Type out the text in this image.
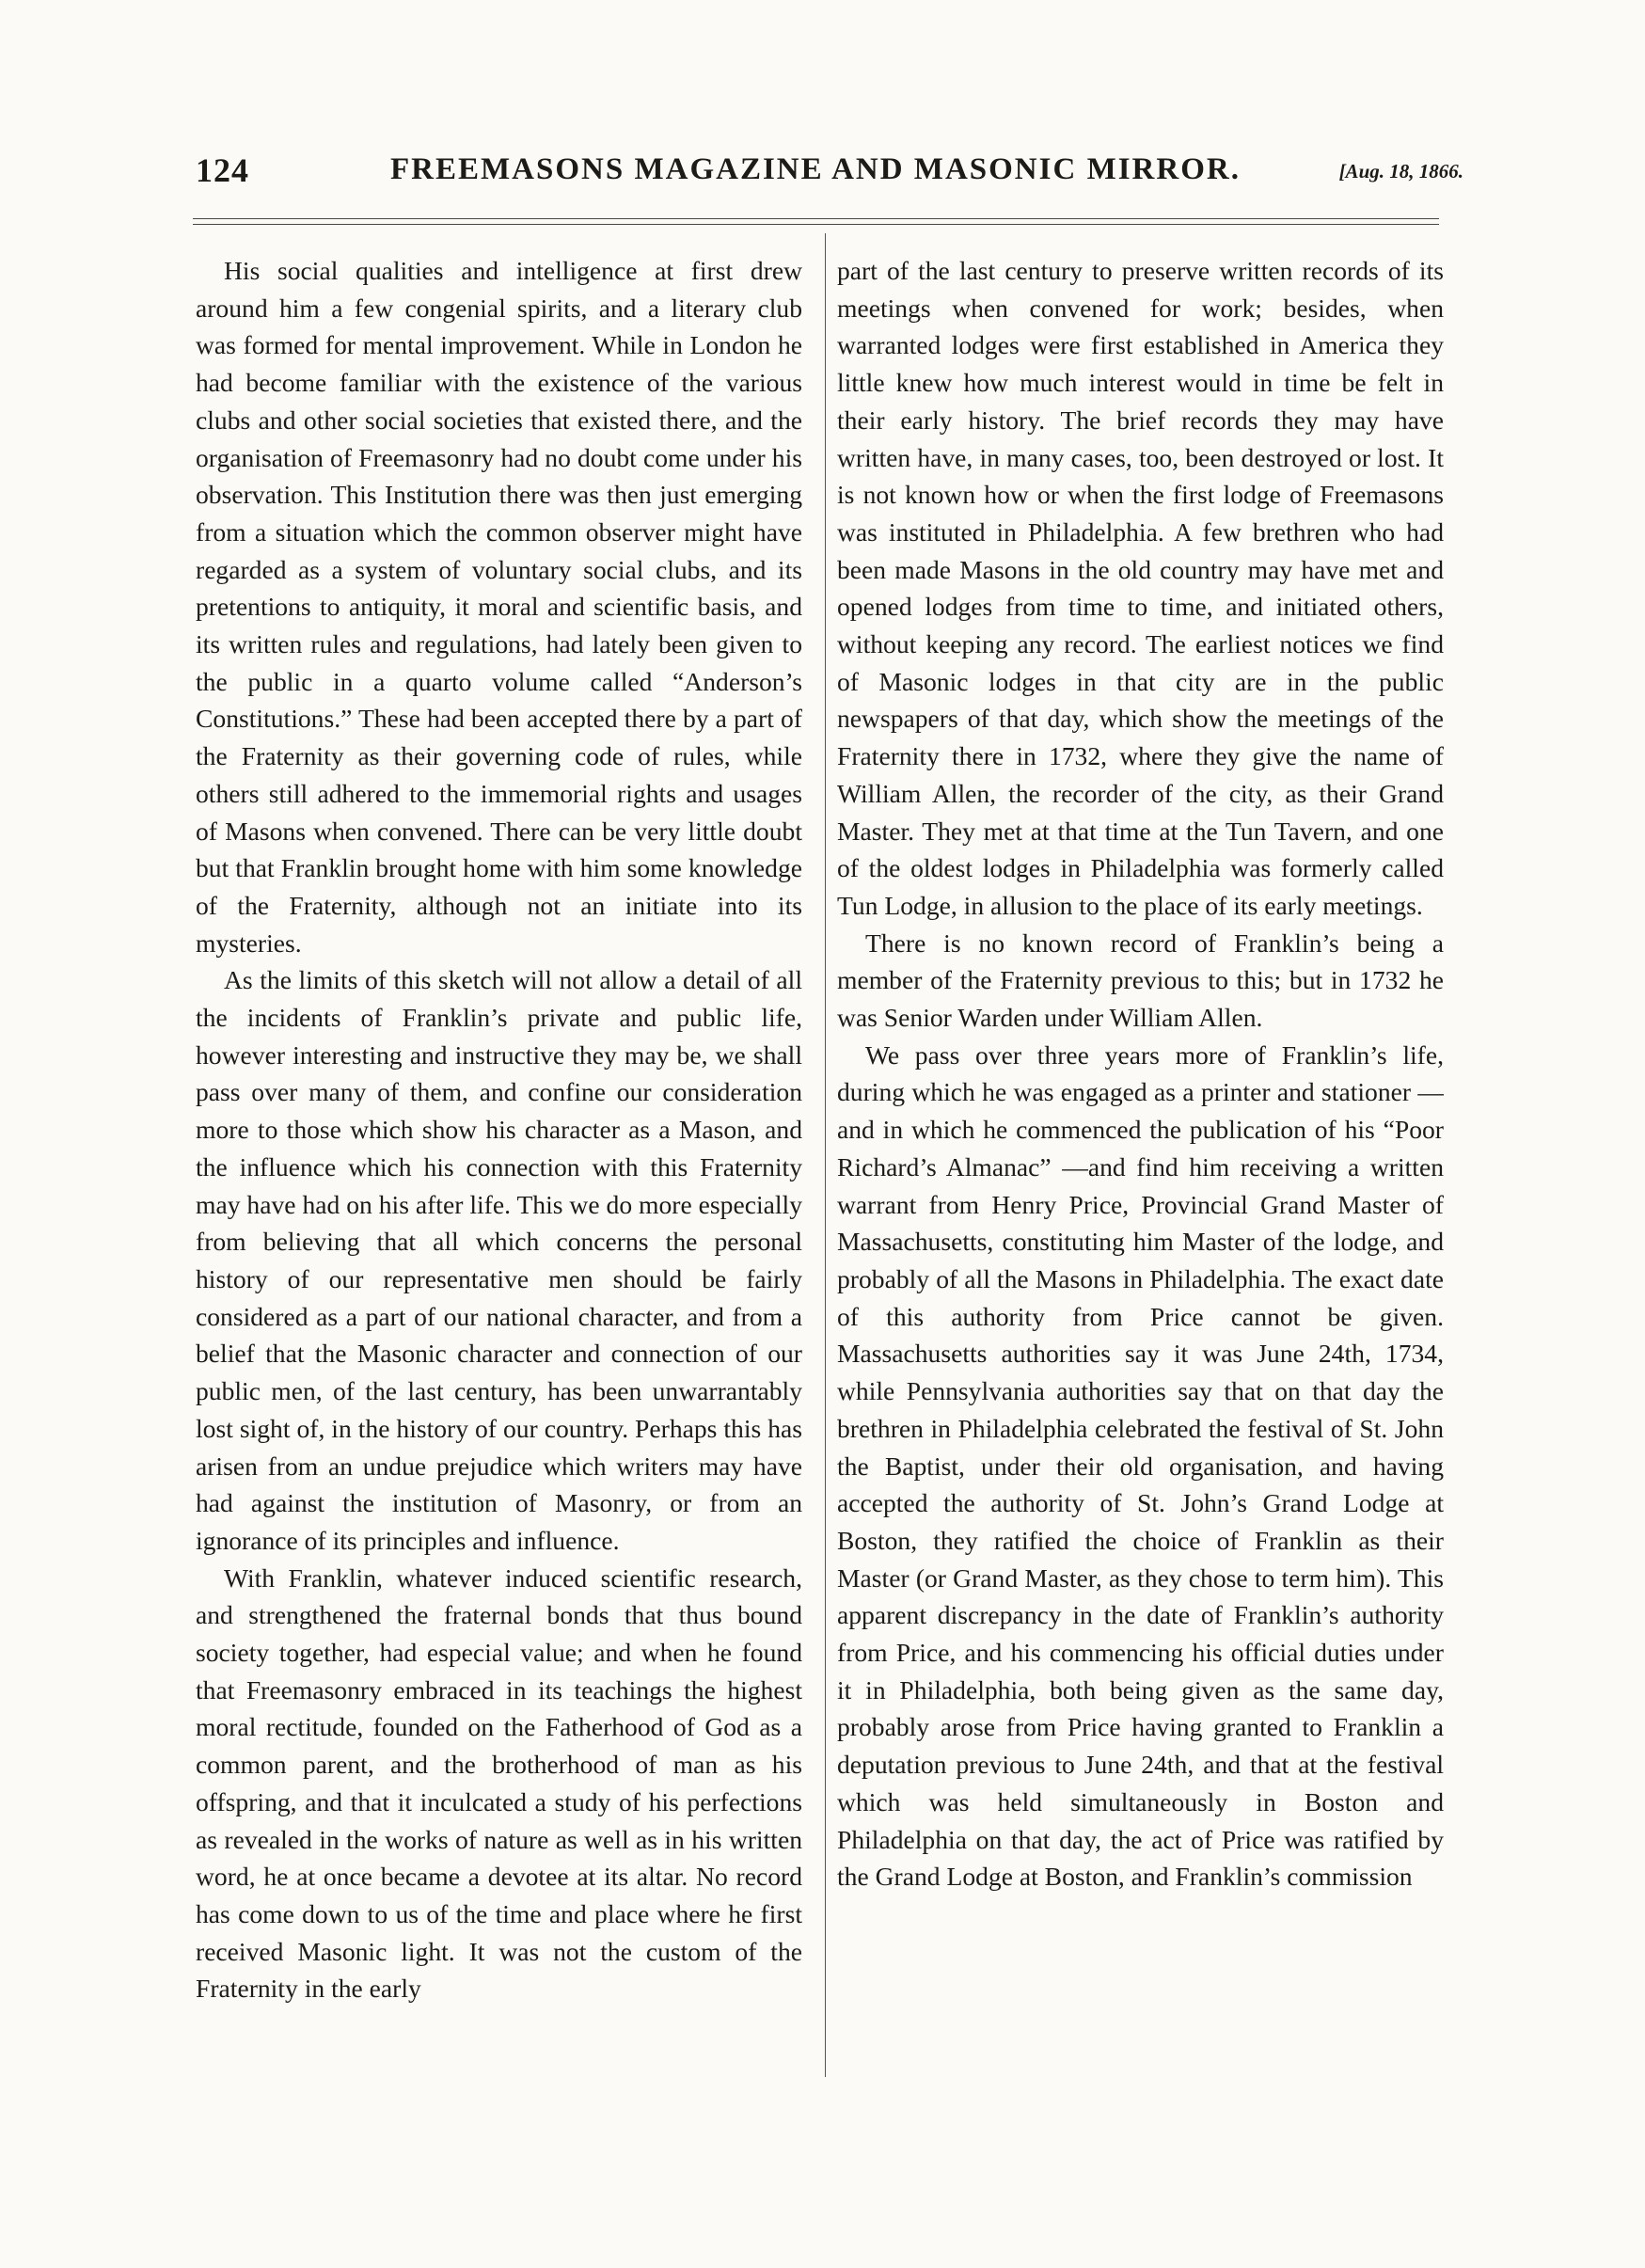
124	FREEMASONS MAGAZINE AND MASONIC MIRROR.	[Aug. 18, 1866.

His social qualities and intelligence at first drew around him a few congenial spirits, and a literary club was formed for mental improvement. While in London he had become familiar with the existence of the various clubs and other social societies that existed there, and the organisation of Freemasonry had no doubt come under his observation. This Institution there was then just emerging from a situation which the common observer might have regarded as a system of voluntary social clubs, and its pretentions to antiquity, it moral and scientific basis, and its written rules and regulations, had lately been given to the public in a quarto volume called “Anderson’s Constitutions.” These had been accepted there by a part of the Fraternity as their governing code of rules, while others still adhered to the immemorial rights and usages of Masons when convened. There can be very little doubt but that Franklin brought home with him some knowledge of the Fraternity, although not an initiate into its mysteries.

As the limits of this sketch will not allow a detail of all the incidents of Franklin’s private and public life, however interesting and instructive they may be, we shall pass over many of them, and confine our consideration more to those which show his character as a Mason, and the influence which his connection with this Fraternity may have had on his after life. This we do more especially from believing that all which concerns the personal history of our representative men should be fairly considered as a part of our national character, and from a belief that the Masonic character and connection of our public men, of the last century, has been unwarrantably lost sight of, in the history of our country. Perhaps this has arisen from an undue prejudice which writers may have had against the institution of Masonry, or from an ignorance of its principles and influence.

With Franklin, whatever induced scientific research, and strengthened the fraternal bonds that thus bound society together, had especial value; and when he found that Freemasonry embraced in its teachings the highest moral rectitude, founded on the Fatherhood of God as a common parent, and the brotherhood of man as his offspring, and that it inculcated a study of his perfections as revealed in the works of nature as well as in his written word, he at once became a devotee at its altar. No record has come down to us of the time and place where he first received Masonic light. It was not the custom of the Fraternity in the early

part of the last century to preserve written records of its meetings when convened for work; besides, when warranted lodges were first established in America they little knew how much interest would in time be felt in their early history. The brief records they may have written have, in many cases, too, been destroyed or lost. It is not known how or when the first lodge of Freemasons was instituted in Philadelphia. A few brethren who had been made Masons in the old country may have met and opened lodges from time to time, and initiated others, without keeping any record. The earliest notices we find of Masonic lodges in that city are in the public newspapers of that day, which show the meetings of the Fraternity there in 1732, where they give the name of William Allen, the recorder of the city, as their Grand Master. They met at that time at the Tun Tavern, and one of the oldest lodges in Philadelphia was formerly called Tun Lodge, in allusion to the place of its early meetings.

There is no known record of Franklin’s being a member of the Fraternity previous to this; but in 1732 he was Senior Warden under William Allen.

We pass over three years more of Franklin’s life, during which he was engaged as a printer and stationer — and in which he commenced the publication of his “Poor Richard’s Almanac” —and find him receiving a written warrant from Henry Price, Provincial Grand Master of Massachusetts, constituting him Master of the lodge, and probably of all the Masons in Philadelphia. The exact date of this authority from Price cannot be given. Massachusetts authorities say it was June 24th, 1734, while Pennsylvania authorities say that on that day the brethren in Philadelphia celebrated the festival of St. John the Baptist, under their old organisation, and having accepted the authority of St. John’s Grand Lodge at Boston, they ratified the choice of Franklin as their Master (or Grand Master, as they chose to term him). This apparent discrepancy in the date of Franklin’s authority from Price, and his commencing his official duties under it in Philadelphia, both being given as the same day, probably arose from Price having granted to Franklin a deputation previous to June 24th, and that at the festival which was held simultaneously in Boston and Philadelphia on that day, the act of Price was ratified by the Grand Lodge at Boston, and Franklin’s commission
